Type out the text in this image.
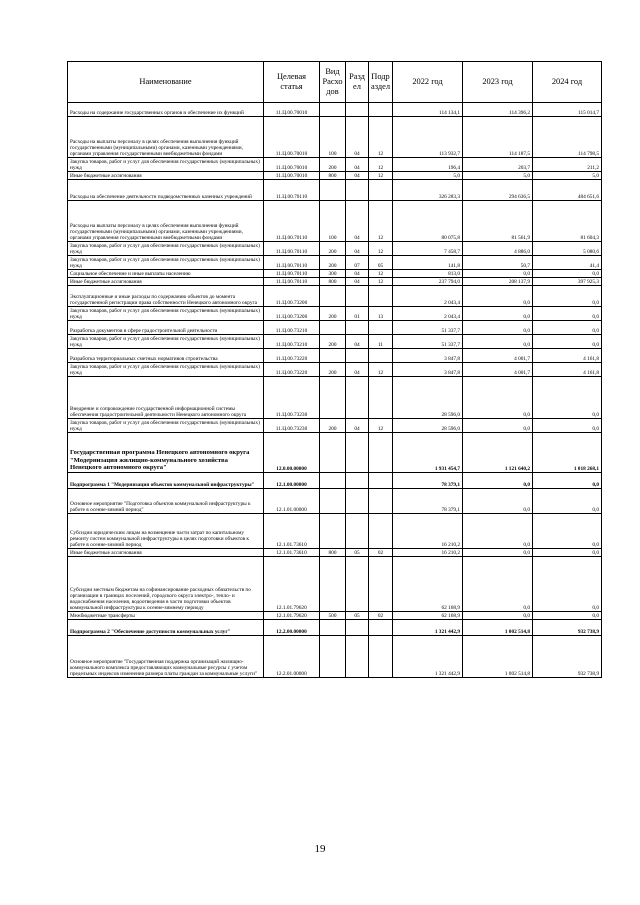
Наименование	Целевая статья	Вид Расхо дов	Разд ел	Подр аздел	2022 год	2023 год	2024 год
Расходы на содержание государственных органов и обеспечение их функций	11.Ц.00.70010				114 134,1	114 396,2	115 014,7
Расходы на выплаты персоналу в целях обеспечения выполнения функций государственными (муниципальными) органами, казенными учреждениями, органами управления государственными внебюджетными фондами	11.Ц.00.70010	100	04	12	113 932,7	114 187,5	114 798,5
Закупка товаров, работ и услуг для обеспечения государственных (муниципальных) нужд	11.Ц.00.70010	200	04	12	196,4	203,7	211,2
Иные бюджетные ассигнования	11.Ц.00.70010	800	04	12	5,0	5,0	5,0
Расходы на обеспечение деятельности подведомственных казенных учреждений	11.Ц.00.70110				326 283,3	294 636,5	484 651,6
Расходы на выплаты персоналу в целях обеспечения выполнения функций государственными (муниципальными) органами, казенными учреждениями, органами управления государственными внебюджетными фондами	11.Ц.00.70110	100	04	12	80 075,8	81 561,9	81 604,3
Закупка товаров, работ и услуг для обеспечения государственных (муниципальных) нужд	11.Ц.00.70110	200	04	12	7 458,7	4 886,0	5 080,6
Закупка товаров, работ и услуг для обеспечения государственных (муниципальных) нужд	11.Ц.00.70110	200	07	05	141,8	50,7	41,4
Социальное обеспечение и иные выплаты населению	11.Ц.00.70110	300	04	12	813,0	0,0	0,0
Иные бюджетные ассигнования	11.Ц.00.70110	800	04	12	237 794,0	208 137,9	397 925,3
Эксплуатационные и иные расходы по содержанию объектов до момента государственной регистрации права собственности Ненецкого автономного округа	11.Ц.00.73200				2 043,4	0,0	0,0
Закупка товаров, работ и услуг для обеспечения государственных (муниципальных) нужд	11.Ц.00.73200	200	01	13	2 043,4	0,0	0,0
Разработка документов в сфере градостроительной деятельности	11.Ц.00.73210				51 337,7	0,0	0,0
Закупка товаров, работ и услуг для обеспечения государственных (муниципальных) нужд	11.Ц.00.73210	200	04	11	51 337,7	0,0	0,0
Разработка территориальных сметных нормативов строительства	11.Ц.00.73220				3 847,8	4 001,7	4 161,8
Закупка товаров, работ и услуг для обеспечения государственных (муниципальных) нужд	11.Ц.00.73220	200	04	12	3 847,8	4 001,7	4 161,8
Внедрение и сопровождение государственной информационной системы обеспечения градостроительной деятельности Ненецкого автономного округа	11.Ц.00.73230				28 596,0	0,0	0,0
Закупка товаров, работ и услуг для обеспечения государственных (муниципальных) нужд	11.Ц.00.73230	200	04	12	28 596,0	0,0	0,0
Государственная программа Ненецкого автономного округа "Модернизация жилищно-коммунального хозяйства Ненецкого автономного округа"	12.0.00.00000				1 931 454,7	1 121 640,2	1 018 268,1
Подпрограмма 1 "Модернизация объектов коммунальной инфраструктуры"	12.1.00.00000				78 379,1	0,0	0,0
Основное мероприятие "Подготовка объектов коммунальной инфраструктуры к работе в осенне-зимний период"	12.1.01.00000				78 379,1	0,0	0,0
Субсидии юридическим лицам на возмещение части затрат по капитальному ремонту систем коммунальной инфраструктуры в целях подготовки объектов к работе в осенне-зимний период	12.1.01.73610				16 210,2	0,0	0,0
Иные бюджетные ассигнования	12.1.01.73610	800	05	02	16 210,2	0,0	0,0
Субсидии местным бюджетам на софинансирование расходных обязательств по организации в границах поселений, городского округа электро-, тепло- и водоснабжения населения, водоотведения в части подготовки объектов коммунальной инфраструктуры к осенне-зимнему периоду	12.1.01.79620				62 168,9	0,0	0,0
Межбюджетные трансферты	12.1.01.79620	500	05	02	62 168,9	0,0	0,0
Подпрограмма 2 "Обеспечение доступности коммунальных услуг"	12.2.00.00000				1 321 442,9	1 002 514,8	932 738,9
Основное мероприятие "Государственная поддержка организаций жилищно-коммунального комплекса предоставляющих коммунальные ресурсы с учетом предельных индексов изменения размера платы граждан за коммунальные услуги"	12.2.01.00000				1 321 442,9	1 002 514,8	932 738,9
19
